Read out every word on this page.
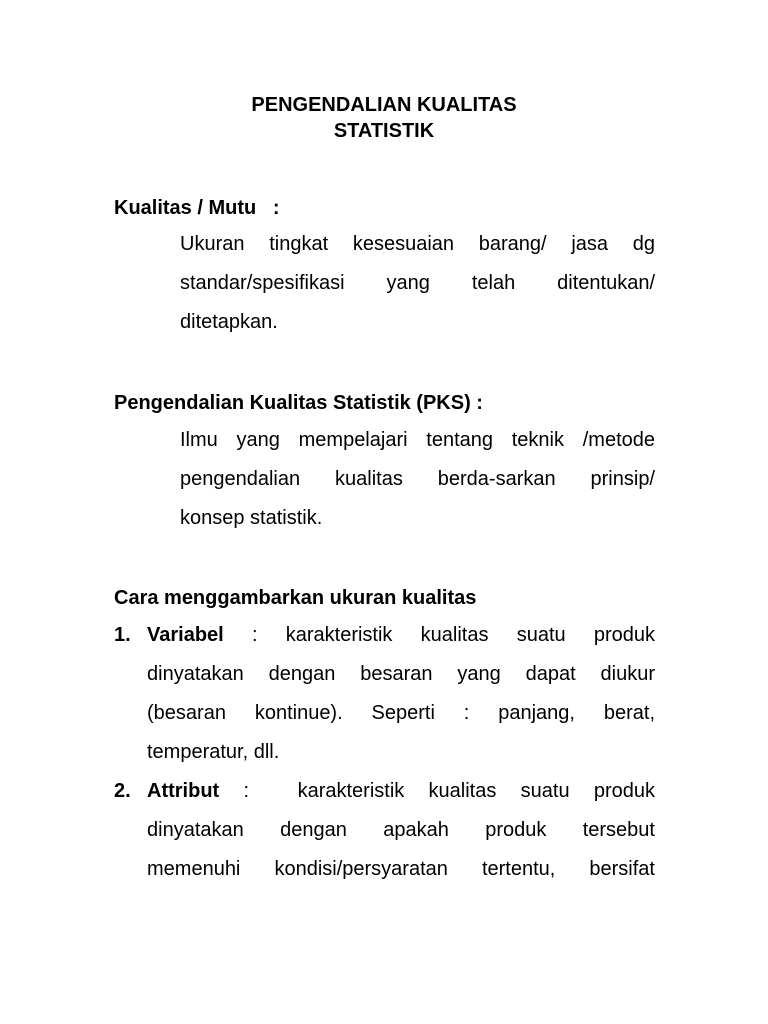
PENGENDALIAN KUALITAS
STATISTIK
Kualitas / Mutu   :
Ukuran tingkat kesesuaian barang/ jasa dg
standar/spesifikasi yang telah ditentukan/
ditetapkan.
Pengendalian Kualitas Statistik (PKS) :
Ilmu yang mempelajari tentang teknik /metode
pengendalian kualitas berda-sarkan prinsip/
konsep statistik.
Cara menggambarkan ukuran kualitas
1. Variabel : karakteristik kualitas suatu produk
dinyatakan dengan besaran yang dapat diukur
(besaran kontinue). Seperti : panjang, berat,
temperatur, dll.
2. Attribut :  karakteristik kualitas suatu produk
dinyatakan dengan apakah produk tersebut
memenuhi kondisi/persyaratan tertentu, bersifat
